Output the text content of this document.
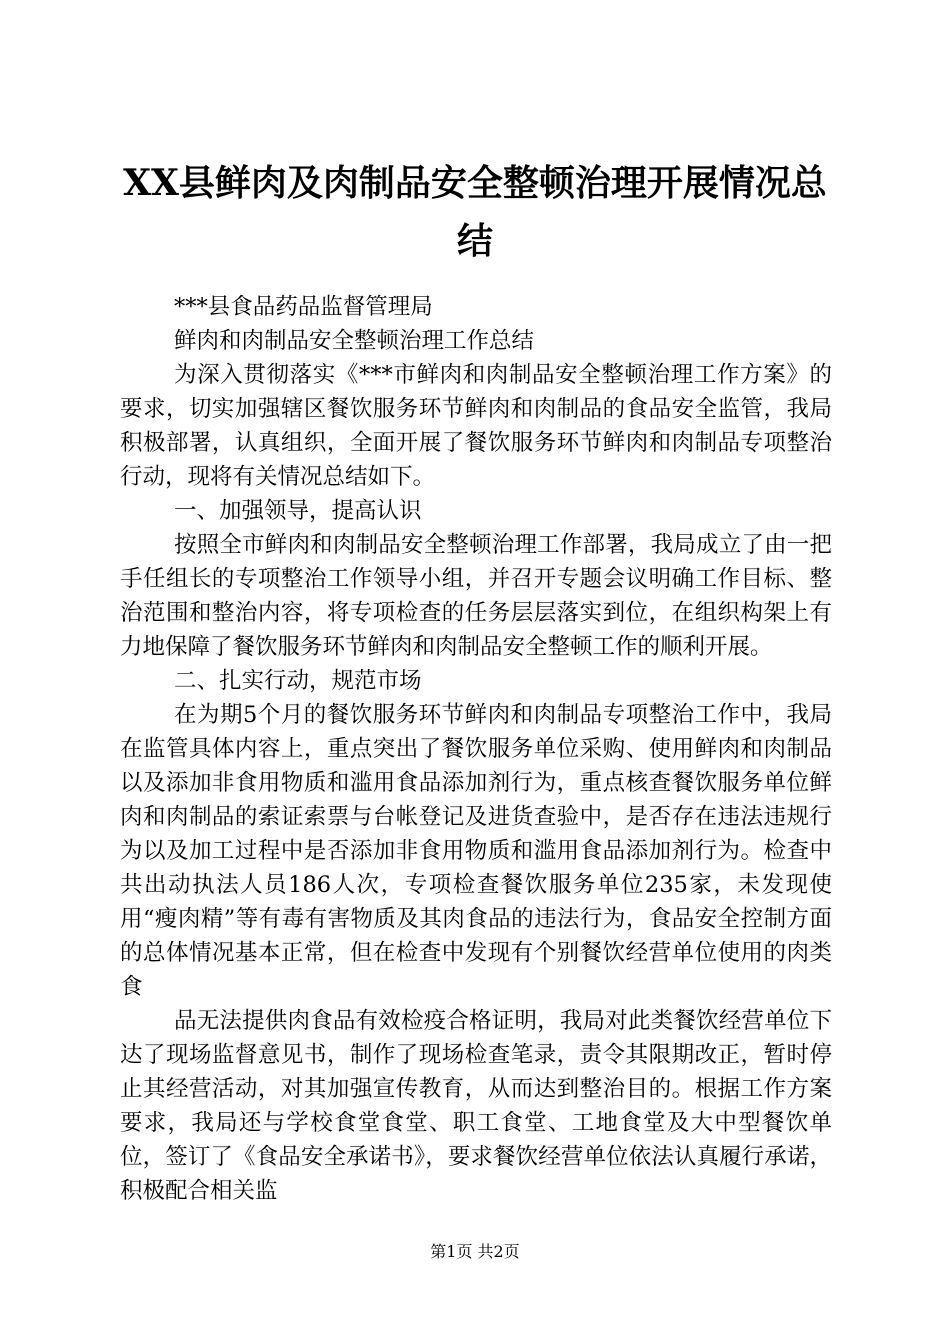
XX县鲜肉及肉制品安全整顿治理开展情况总
结

***县食品药品监督管理局

鲜肉和肉制品安全整顿治理工作总结

为深入贯彻落实《***市鲜肉和肉制品安全整顿治理工作方案》的要求，切实加强辖区餐饮服务环节鲜肉和肉制品的食品安全监管，我局积极部署，认真组织，全面开展了餐饮服务环节鲜肉和肉制品专项整治行动，现将有关情况总结如下。

一、加强领导，提高认识

按照全市鲜肉和肉制品安全整顿治理工作部署，我局成立了由一把手任组长的专项整治工作领导小组，并召开专题会议明确工作目标、整治范围和整治内容，将专项检查的任务层层落实到位，在组织构架上有力地保障了餐饮服务环节鲜肉和肉制品安全整顿工作的顺利开展。

二、扎实行动，规范市场

在为期5个月的餐饮服务环节鲜肉和肉制品专项整治工作中，我局在监管具体内容上，重点突出了餐饮服务单位采购、使用鲜肉和肉制品以及添加非食用物质和滥用食品添加剂行为，重点核查餐饮服务单位鲜肉和肉制品的索证索票与台帐登记及进货查验中，是否存在违法违规行为以及加工过程中是否添加非食用物质和滥用食品添加剂行为。检查中共出动执法人员186人次，专项检查餐饮服务单位235家，未发现使用“瘦肉精”等有毒有害物质及其肉食品的违法行为，食品安全控制方面的总体情况基本正常，但在检查中发现有个别餐饮经营单位使用的肉类食

品无法提供肉食品有效检疫合格证明，我局对此类餐饮经营单位下达了现场监督意见书，制作了现场检查笔录，责令其限期改正，暂时停止其经营活动，对其加强宣传教育，从而达到整治目的。根据工作方案要求，我局还与学校食堂食堂、职工食堂、工地食堂及大中型餐饮单位，签订了《食品安全承诺书》，要求餐饮经营单位依法认真履行承诺，积极配合相关监

第1页 共2页
